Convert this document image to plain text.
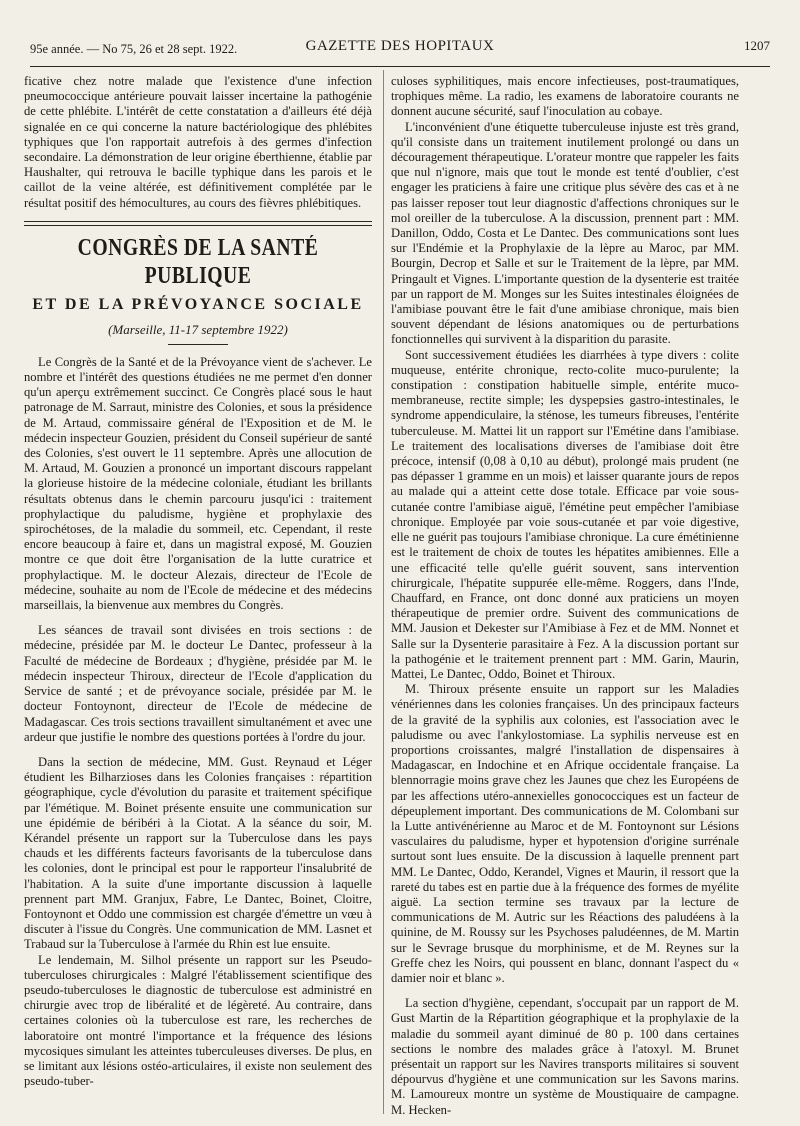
95e année. — No 75, 26 et 28 sept. 1922.	GAZETTE DES HOPITAUX	1207

ficative chez notre malade que l'existence d'une infection pneumococcique antérieure pouvait laisser incertaine la pathogénie de cette phlébite. L'intérêt de cette constatation a d'ailleurs été déjà signalée en ce qui concerne la nature bactériologique des phlébites typhiques que l'on rapportait autrefois à des germes d'infection secondaire. La démonstration de leur origine éberthienne, établie par Haushalter, qui retrouva le bacille typhique dans les parois et le caillot de la veine altérée, est définitivement complétée par le résultat positif des hémocultures, au cours des fièvres phlébitiques.

CONGRÈS DE LA SANTÉ PUBLIQUE
ET DE LA PRÉVOYANCE SOCIALE
(Marseille, 11-17 septembre 1922)

Le Congrès de la Santé et de la Prévoyance vient de s'achever. Le nombre et l'intérêt des questions étudiées ne me permet d'en donner qu'un aperçu extrêmement succinct. Ce Congrès placé sous le haut patronage de M. Sarraut, ministre des Colonies, et sous la présidence de M. Artaud, commissaire général de l'Exposition et de M. le médecin inspecteur Gouzien, président du Conseil supérieur de santé des Colonies, s'est ouvert le 11 septembre. Après une allocution de M. Artaud, M. Gouzien a prononcé un important discours rappelant la glorieuse histoire de la médecine coloniale, étudiant les brillants résultats obtenus dans le chemin parcouru jusqu'ici : traitement prophylactique du paludisme, hygiène et prophylaxie des spirochétoses, de la maladie du sommeil, etc. Cependant, il reste encore beaucoup à faire et, dans un magistral exposé, M. Gouzien montre ce que doit être l'organisation de la lutte curatrice et prophylactique. M. le docteur Alezais, directeur de l'Ecole de médecine, souhaite au nom de l'Ecole de médecine et des médecins marseillais, la bienvenue aux membres du Congrès.

Les séances de travail sont divisées en trois sections : de médecine, présidée par M. le docteur Le Dantec, professeur à la Faculté de médecine de Bordeaux ; d'hygiène, présidée par M. le médecin inspecteur Thiroux, directeur de l'Ecole d'application du Service de santé ; et de prévoyance sociale, présidée par M. le docteur Fontoynont, directeur de l'Ecole de médecine de Madagascar. Ces trois sections travaillent simultanément et avec une ardeur que justifie le nombre des questions portées à l'ordre du jour.

Dans la section de médecine, MM. Gust. Reynaud et Léger étudient les Bilharzioses dans les Colonies françaises : répartition géographique, cycle d'évolution du parasite et traitement spécifique par l'émétique. M. Boinet présente ensuite une communication sur une épidémie de béribéri à la Ciotat. A la séance du soir, M. Kérandel présente un rapport sur la Tuberculose dans les pays chauds et les différents facteurs favorisants de la tuberculose dans les colonies, dont le principal est pour le rapporteur l'insalubrité de l'habitation. A la suite d'une importante discussion à laquelle prennent part MM. Granjux, Fabre, Le Dantec, Boinet, Cloitre, Fontoynont et Oddo une commission est chargée d'émettre un vœu à discuter à l'issue du Congrès. Une communication de MM. Lasnet et Trabaud sur la Tuberculose à l'armée du Rhin est lue ensuite.

Le lendemain, M. Silhol présente un rapport sur les Pseudo-tuberculoses chirurgicales : Malgré l'établissement scientifique des pseudo-tuberculoses le diagnostic de tuberculose est administré en chirurgie avec trop de libéralité et de légèreté. Au contraire, dans certaines colonies où la tuberculose est rare, les recherches de laboratoire ont montré l'importance et la fréquence des lésions mycosiques simulant les atteintes tuberculeuses diverses. De plus, en se limitant aux lésions ostéo-articulaires, il existe non seulement des pseudo-tuber-

culoses syphilitiques, mais encore infectieuses, post-traumatiques, trophiques même. La radio, les examens de laboratoire courants ne donnent aucune sécurité, sauf l'inoculation au cobaye.

L'inconvénient d'une étiquette tuberculeuse injuste est très grand, qu'il consiste dans un traitement inutilement prolongé ou dans un découragement thérapeutique. L'orateur montre que rappeler les faits que nul n'ignore, mais que tout le monde est tenté d'oublier, c'est engager les praticiens à faire une critique plus sévère des cas et à ne pas laisser reposer tout leur diagnostic d'affections chroniques sur le mol oreiller de la tuberculose. A la discussion, prennent part : MM. Danillon, Oddo, Costa et Le Dantec. Des communications sont lues sur l'Endémie et la Prophylaxie de la lèpre au Maroc, par MM. Bourgin, Decrop et Salle et sur le Traitement de la lèpre, par MM. Pringault et Vignes. L'importante question de la dysenterie est traitée par un rapport de M. Monges sur les Suites intestinales éloignées de l'amibiase pouvant être le fait d'une amibiase chronique, mais bien souvent dépendant de lésions anatomiques ou de perturbations fonctionnelles qui survivent à la disparition du parasite.

Sont successivement étudiées les diarrhées à type divers : colite muqueuse, entérite chronique, recto-colite muco-purulente; la constipation : constipation habituelle simple, entérite muco-membraneuse, rectite simple; les dyspepsies gastro-intestinales, le syndrome appendiculaire, la sténose, les tumeurs fibreuses, l'entérite tuberculeuse. M. Mattei lit un rapport sur l'Emétine dans l'amibiase. Le traitement des localisations diverses de l'amibiase doit être précoce, intensif (0,08 à 0,10 au début), prolongé mais prudent (ne pas dépasser 1 gramme en un mois) et laisser quarante jours de repos au malade qui a atteint cette dose totale. Efficace par voie sous-cutanée contre l'amibiase aiguë, l'émétine peut empêcher l'amibiase chronique. Employée par voie sous-cutanée et par voie digestive, elle ne guérit pas toujours l'amibiase chronique. La cure émétinienne est le traitement de choix de toutes les hépatites amibiennes. Elle a une efficacité telle qu'elle guérit souvent, sans intervention chirurgicale, l'hépatite suppurée elle-même. Roggers, dans l'Inde, Chauffard, en France, ont donc donné aux praticiens un moyen thérapeutique de premier ordre. Suivent des communications de MM. Jausion et Dekester sur l'Amibiase à Fez et de MM. Nonnet et Salle sur la Dysenterie parasitaire à Fez. A la discussion portant sur la pathogénie et le traitement prennent part : MM. Garin, Maurin, Mattei, Le Dantec, Oddo, Boinet et Thiroux.

M. Thiroux présente ensuite un rapport sur les Maladies vénériennes dans les colonies françaises. Un des principaux facteurs de la gravité de la syphilis aux colonies, est l'association avec le paludisme ou avec l'ankylostomiase. La syphilis nerveuse est en proportions croissantes, malgré l'installation de dispensaires à Madagascar, en Indochine et en Afrique occidentale française. La blennorragie moins grave chez les Jaunes que chez les Européens de par les affections utéro-annexielles gonococciques est un facteur de dépeuplement important. Des communications de M. Colombani sur la Lutte antivénérienne au Maroc et de M. Fontoynont sur Lésions vasculaires du paludisme, hyper et hypotension d'origine surrénale surtout sont lues ensuite. De la discussion à laquelle prennent part MM. Le Dantec, Oddo, Kerandel, Vignes et Maurin, il ressort que la rareté du tabes est en partie due à la fréquence des formes de myélite aiguë. La section termine ses travaux par la lecture de communications de M. Autric sur les Réactions des paludéens à la quinine, de M. Roussy sur les Psychoses paludéennes, de M. Martin sur le Sevrage brusque du morphinisme, et de M. Reynes sur la Greffe chez les Noirs, qui poussent en blanc, donnant l'aspect du « damier noir et blanc ».

La section d'hygiène, cependant, s'occupait par un rapport de M. Gust Martin de la Répartition géographique et la prophylaxie de la maladie du sommeil ayant diminué de 80 p. 100 dans certaines sections le nombre des malades grâce à l'atoxyl. M. Brunet présentait un rapport sur les Navires transports militaires si souvent dépourvus d'hygiène et une communication sur les Savons marins. M. Lamoureux montre un système de Moustiquaire de campagne. M. Hecken-
